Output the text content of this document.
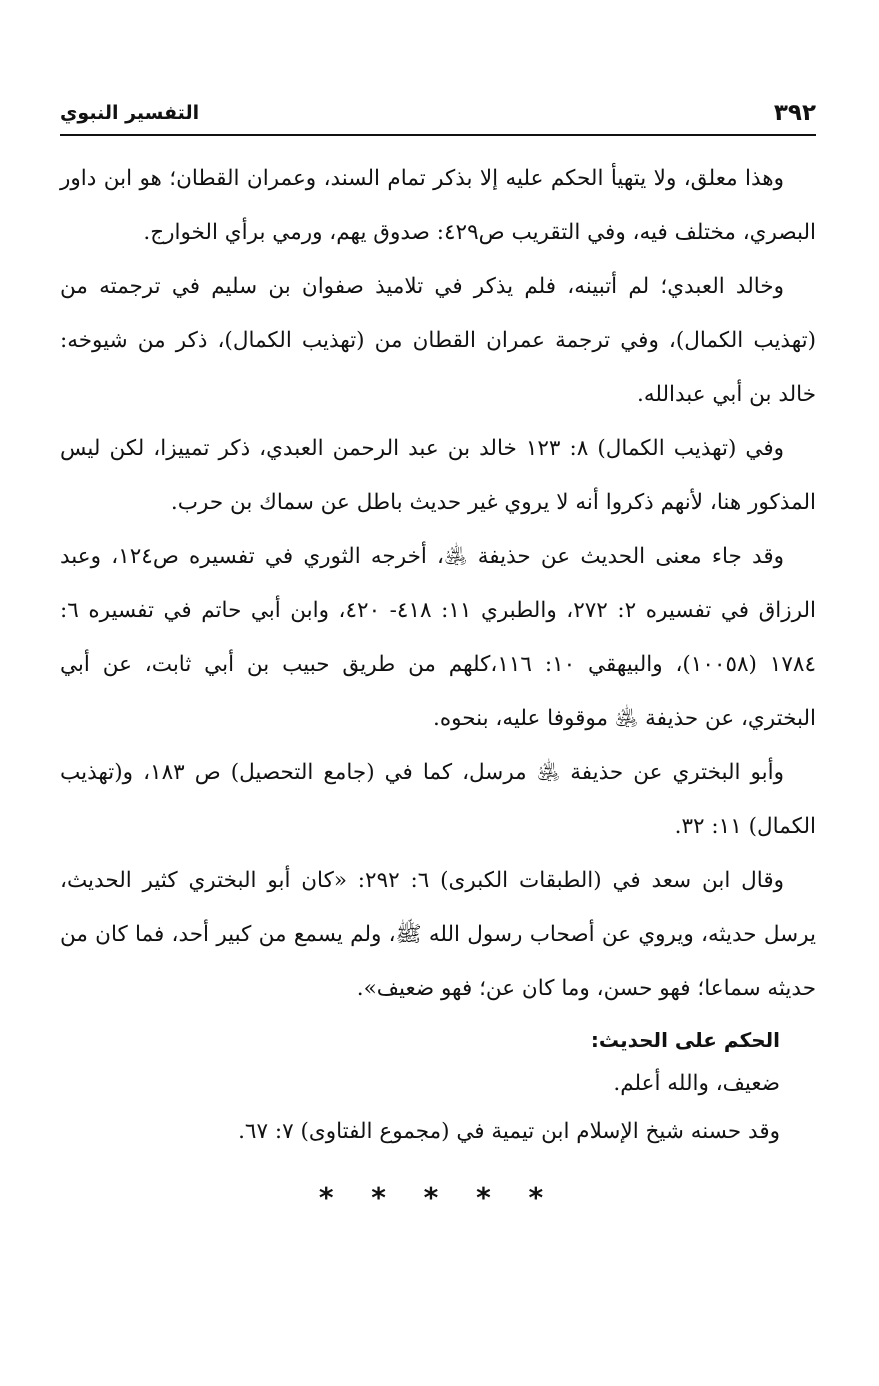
٣٩٢
التفسير النبوي

وهذا معلق، ولا يتهيأ الحكم عليه إلا بذكر تمام السند، وعمران القطان؛ هو ابن داور البصري، مختلف فيه، وفي التقريب ص٤٢٩: صدوق يهم، ورمي برأي الخوارج.

وخالد العبدي؛ لم أتبينه، فلم يذكر في تلاميذ صفوان بن سليم في ترجمته من (تهذيب الكمال)، وفي ترجمة عمران القطان من (تهذيب الكمال)، ذكر من شيوخه: خالد بن أبي عبدالله.

وفي (تهذيب الكمال) ٨: ١٢٣ خالد بن عبد الرحمن العبدي، ذكر تمييزا، لكن ليس المذكور هنا، لأنهم ذكروا أنه لا يروي غير حديث باطل عن سماك بن حرب.

وقد جاء معنى الحديث عن حذيفة ﵁، أخرجه الثوري في تفسيره ص١٢٤، وعبد الرزاق في تفسيره ٢: ٢٧٢، والطبري ١١: ٤١٨- ٤٢٠، وابن أبي حاتم في تفسيره ٦: ١٧٨٤ (١٠٠٥٨)، والبيهقي ١٠: ١١٦،كلهم من طريق حبيب بن أبي ثابت، عن أبي البختري، عن حذيفة ﵁ موقوفا عليه، بنحوه.

وأبو البختري عن حذيفة ﵁ مرسل، كما في (جامع التحصيل) ص ١٨٣، و(تهذيب الكمال) ١١: ٣٢.

وقال ابن سعد في (الطبقات الكبرى) ٦: ٢٩٢: «كان أبو البختري كثير الحديث، يرسل حديثه، ويروي عن أصحاب رسول الله ﷺ، ولم يسمع من كبير أحد، فما كان من حديثه سماعا؛ فهو حسن، وما كان عن؛ فهو ضعيف».

الحكم على الحديث:

ضعيف، والله أعلم.

وقد حسنه شيخ الإسلام ابن تيمية في (مجموع الفتاوى) ٧: ٦٧.

* * * * *
